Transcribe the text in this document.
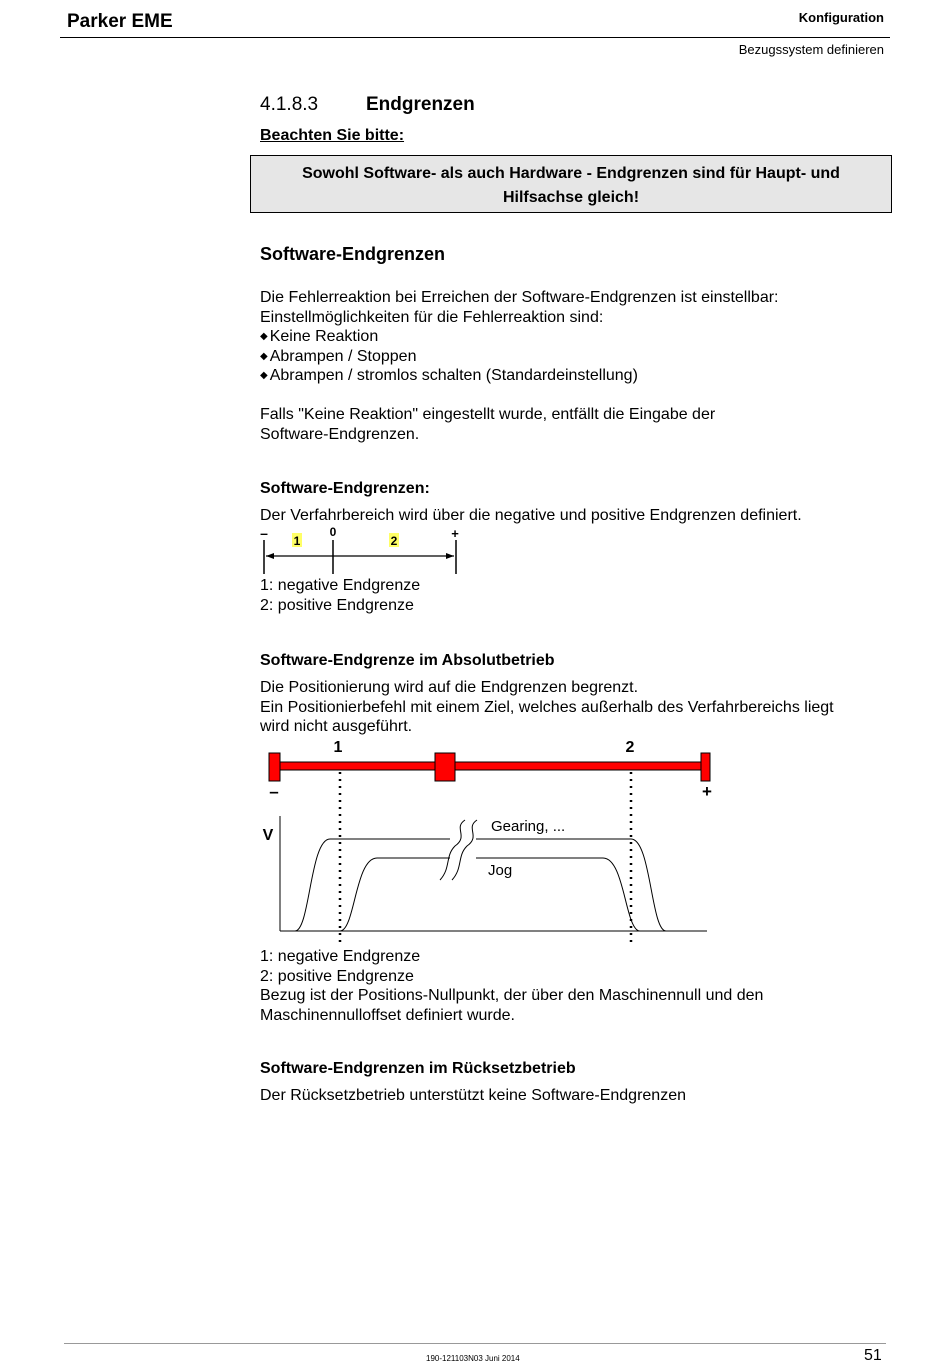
Parker EME	Konfiguration
Bezugssystem definieren
4.1.8.3	Endgrenzen
Beachten Sie bitte:
Sowohl Software- als auch Hardware - Endgrenzen sind für Haupt- und
Hilfsachse gleich!
Software-Endgrenzen
Die Fehlerreaktion bei Erreichen der Software-Endgrenzen ist einstellbar:
Einstellmöglichkeiten für die Fehlerreaktion sind:
◆ Keine Reaktion
◆ Abrampen / Stoppen
◆ Abrampen / stromlos schalten (Standardeinstellung)
Falls "Keine Reaktion" eingestellt wurde, entfällt die Eingabe der
Software-Endgrenzen.
Software-Endgrenzen:
Der Verfahrbereich wird über die negative und positive Endgrenzen definiert.
–	0	+
1	2
1: negative Endgrenze
2: positive Endgrenze
Software-Endgrenze im Absolutbetrieb
Die Positionierung wird auf die Endgrenzen begrenzt.
Ein Positionierbefehl mit einem Ziel, welches außerhalb des Verfahrbereichs liegt
wird nicht ausgeführt.
1	2
–	+
V
Gearing, ...
Jog
1: negative Endgrenze
2: positive Endgrenze
Bezug ist der Positions-Nullpunkt, der über den Maschinennull und den
Maschinennulloffset definiert wurde.
Software-Endgrenzen im Rücksetzbetrieb
Der Rücksetzbetrieb unterstützt keine Software-Endgrenzen
190-121103N03 Juni 2014	51
